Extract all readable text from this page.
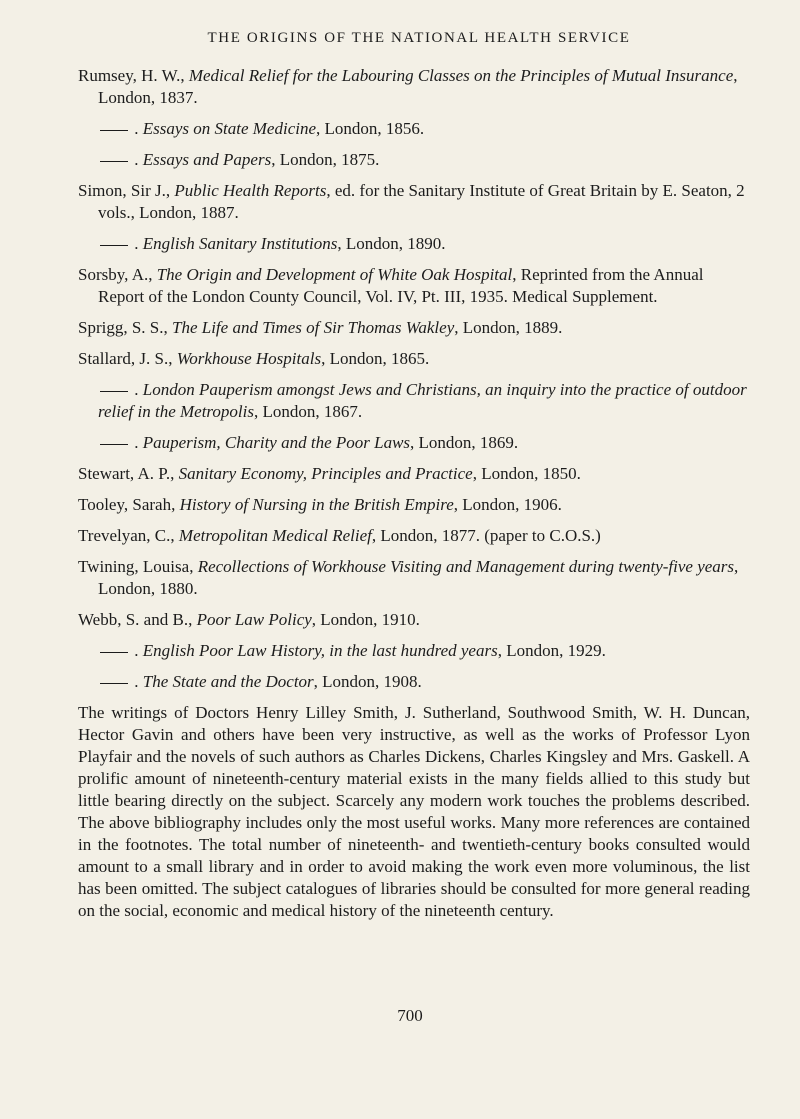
THE ORIGINS OF THE NATIONAL HEALTH SERVICE
Rumsey, H. W., Medical Relief for the Labouring Classes on the Principles of Mutual Insurance, London, 1837.
. Essays on State Medicine, London, 1856.
. Essays and Papers, London, 1875.
Simon, Sir J., Public Health Reports, ed. for the Sanitary Institute of Great Britain by E. Seaton, 2 vols., London, 1887.
. English Sanitary Institutions, London, 1890.
Sorsby, A., The Origin and Development of White Oak Hospital, Reprinted from the Annual Report of the London County Council, Vol. IV, Pt. III, 1935. Medical Supplement.
Sprigg, S. S., The Life and Times of Sir Thomas Wakley, London, 1889.
Stallard, J. S., Workhouse Hospitals, London, 1865.
. London Pauperism amongst Jews and Christians, an inquiry into the practice of outdoor relief in the Metropolis, London, 1867.
. Pauperism, Charity and the Poor Laws, London, 1869.
Stewart, A. P., Sanitary Economy, Principles and Practice, London, 1850.
Tooley, Sarah, History of Nursing in the British Empire, London, 1906.
Trevelyan, C., Metropolitan Medical Relief, London, 1877. (paper to C.O.S.)
Twining, Louisa, Recollections of Workhouse Visiting and Management during twenty-five years, London, 1880.
Webb, S. and B., Poor Law Policy, London, 1910.
. English Poor Law History, in the last hundred years, London, 1929.
. The State and the Doctor, London, 1908.

The writings of Doctors Henry Lilley Smith, J. Sutherland, Southwood Smith, W. H. Duncan, Hector Gavin and others have been very instructive, as well as the works of Professor Lyon Playfair and the novels of such authors as Charles Dickens, Charles Kingsley and Mrs. Gaskell. A prolific amount of nineteenth-century material exists in the many fields allied to this study but little bearing directly on the subject. Scarcely any modern work touches the problems described. The above bibliography includes only the most useful works. Many more references are contained in the footnotes. The total number of nineteenth- and twentieth-century books consulted would amount to a small library and in order to avoid making the work even more voluminous, the list has been omitted. The subject catalogues of libraries should be consulted for more general reading on the social, economic and medical history of the nineteenth century.

700
